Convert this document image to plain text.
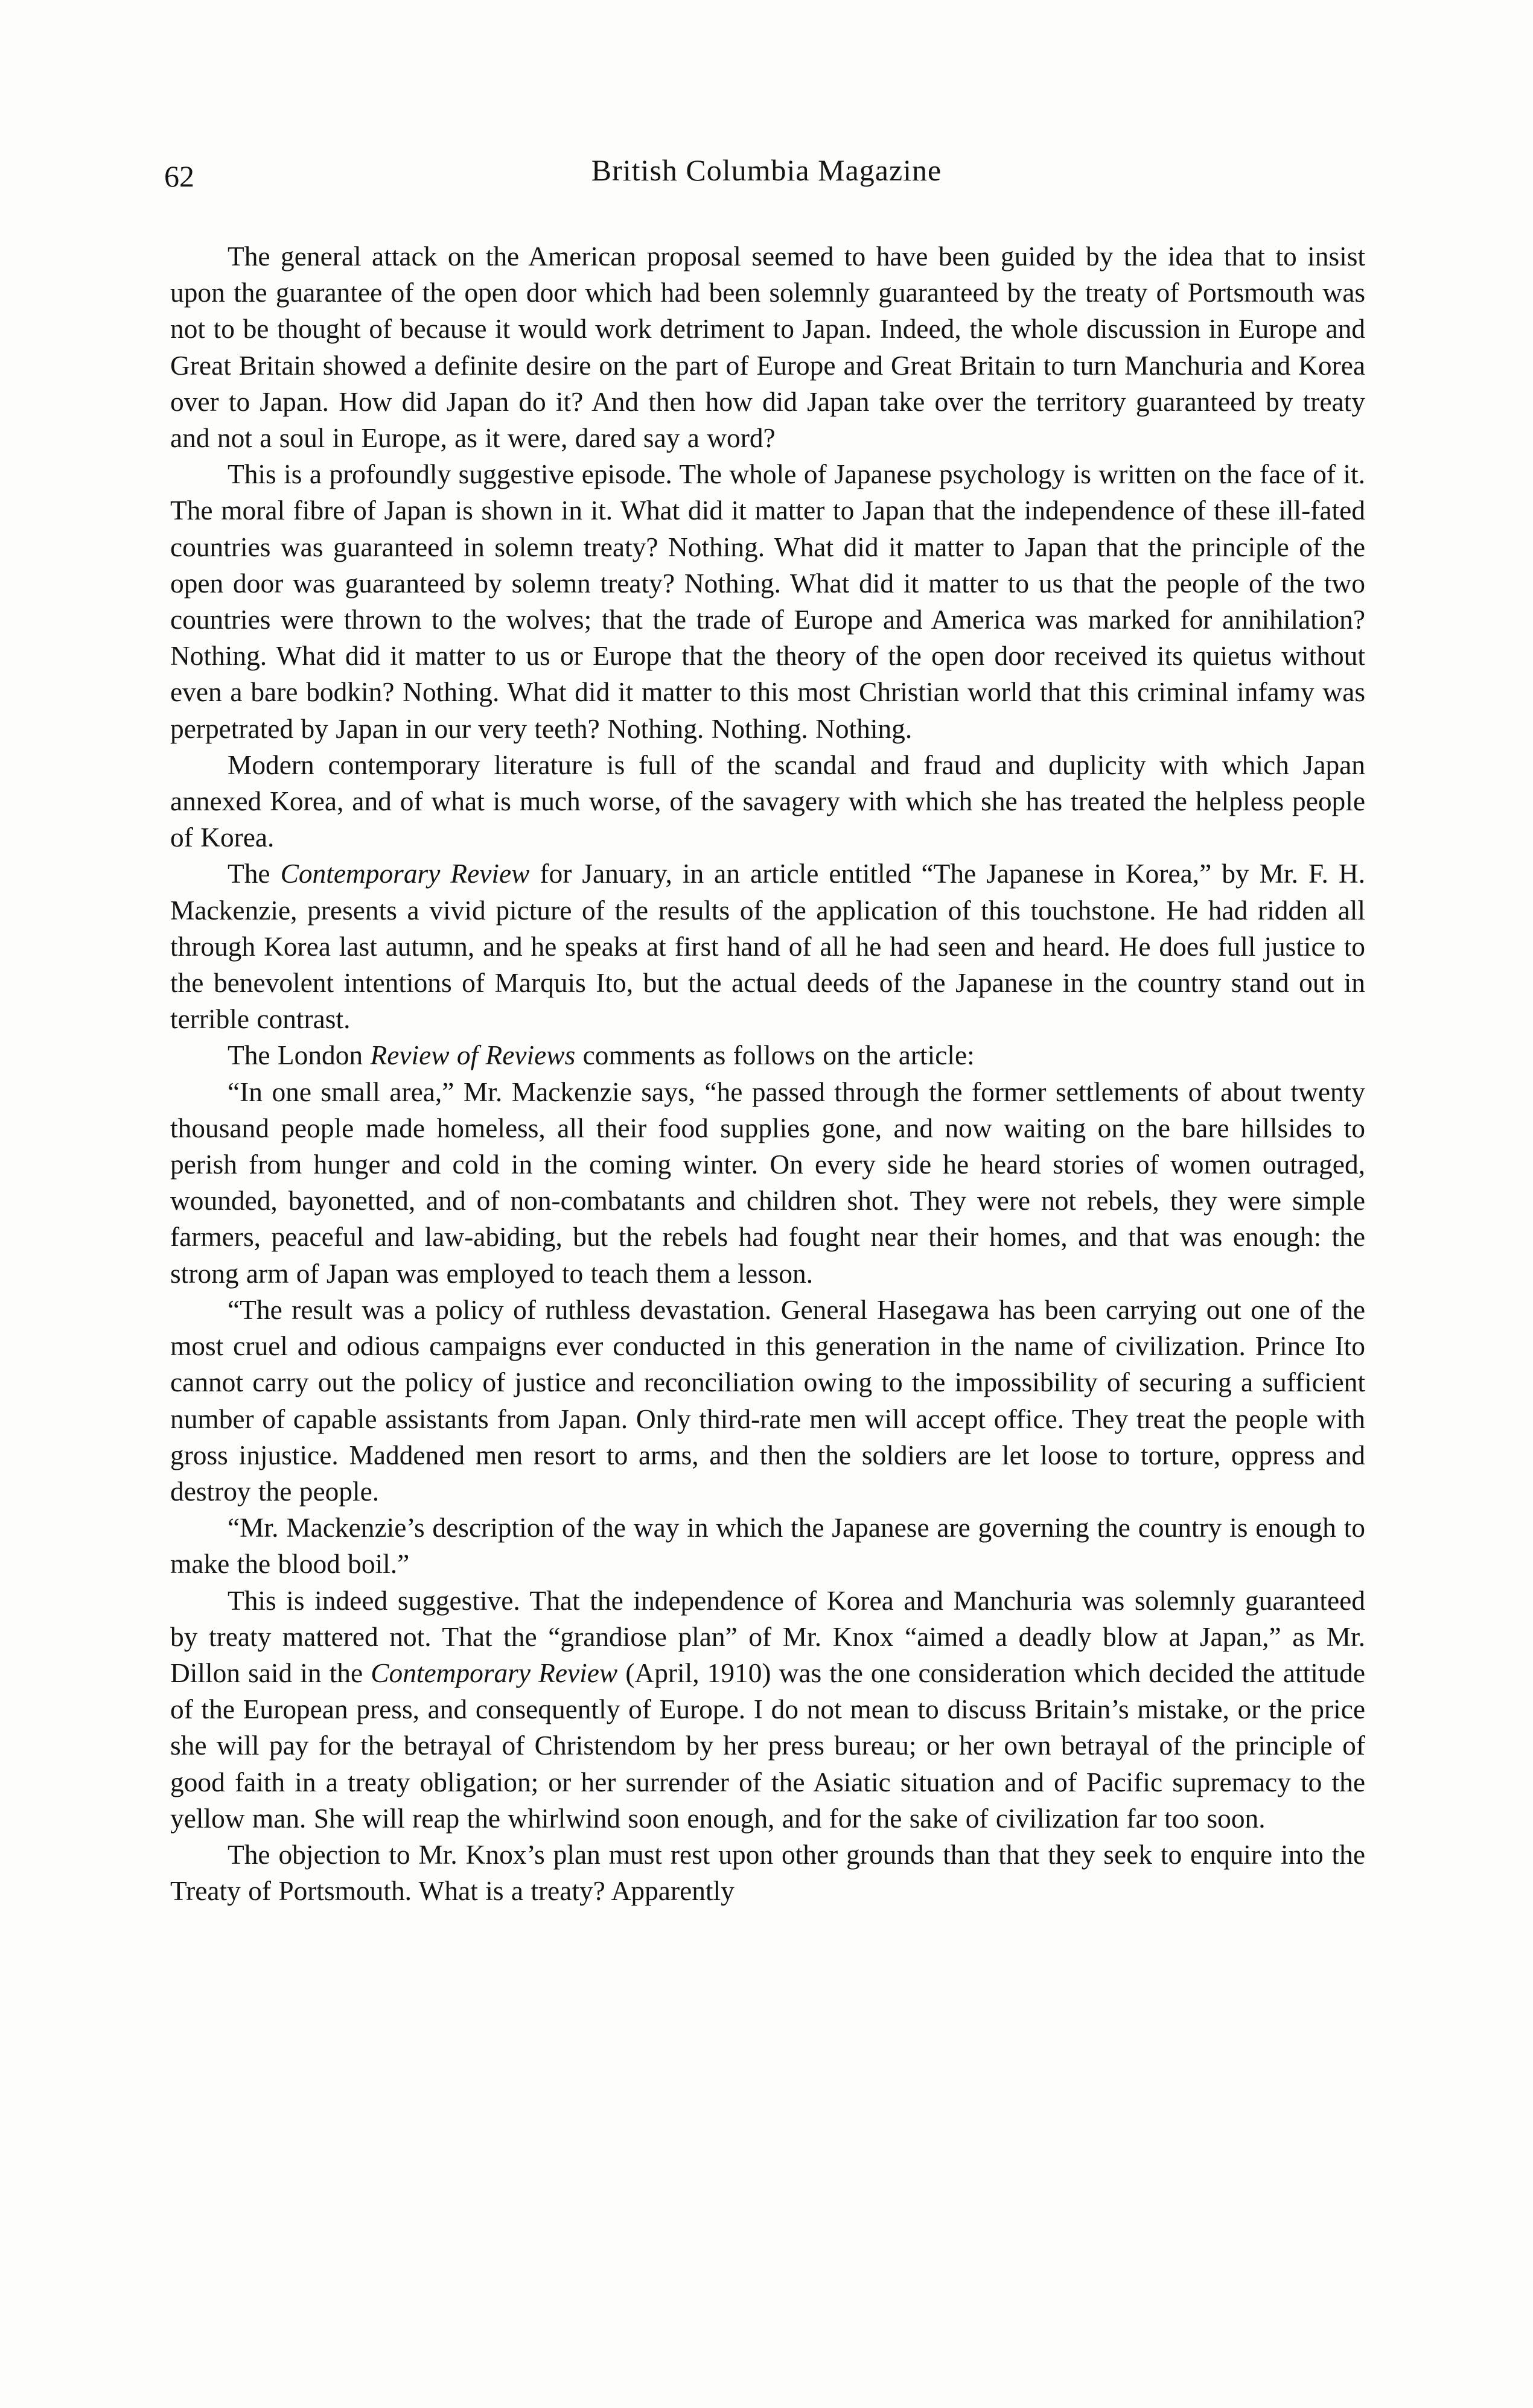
62	British Columbia Magazine

The general attack on the American proposal seemed to have been guided by the idea that to insist upon the guarantee of the open door which had been solemnly guaranteed by the treaty of Portsmouth was not to be thought of because it would work detriment to Japan. Indeed, the whole discussion in Europe and Great Britain showed a definite desire on the part of Europe and Great Britain to turn Manchuria and Korea over to Japan. How did Japan do it? And then how did Japan take over the territory guaranteed by treaty and not a soul in Europe, as it were, dared say a word?

This is a profoundly suggestive episode. The whole of Japanese psychology is written on the face of it. The moral fibre of Japan is shown in it. What did it matter to Japan that the independence of these ill-fated countries was guaranteed in solemn treaty? Nothing. What did it matter to Japan that the principle of the open door was guaranteed by solemn treaty? Nothing. What did it matter to us that the people of the two countries were thrown to the wolves; that the trade of Europe and America was marked for annihilation? Nothing. What did it matter to us or Europe that the theory of the open door received its quietus without even a bare bodkin? Nothing. What did it matter to this most Christian world that this criminal infamy was perpetrated by Japan in our very teeth? Nothing. Nothing. Nothing.

Modern contemporary literature is full of the scandal and fraud and duplicity with which Japan annexed Korea, and of what is much worse, of the savagery with which she has treated the helpless people of Korea.

The Contemporary Review for January, in an article entitled “The Japanese in Korea,” by Mr. F. H. Mackenzie, presents a vivid picture of the results of the application of this touchstone. He had ridden all through Korea last autumn, and he speaks at first hand of all he had seen and heard. He does full justice to the benevolent intentions of Marquis Ito, but the actual deeds of the Japanese in the country stand out in terrible contrast.

The London Review of Reviews comments as follows on the article:

“In one small area,” Mr. Mackenzie says, “he passed through the former settlements of about twenty thousand people made homeless, all their food supplies gone, and now waiting on the bare hillsides to perish from hunger and cold in the coming winter. On every side he heard stories of women outraged, wounded, bayonetted, and of non-combatants and children shot. They were not rebels, they were simple farmers, peaceful and law-abiding, but the rebels had fought near their homes, and that was enough: the strong arm of Japan was employed to teach them a lesson.

“The result was a policy of ruthless devastation. General Hasegawa has been carrying out one of the most cruel and odious campaigns ever conducted in this generation in the name of civilization. Prince Ito cannot carry out the policy of justice and reconciliation owing to the impossibility of securing a sufficient number of capable assistants from Japan. Only third-rate men will accept office. They treat the people with gross injustice. Maddened men resort to arms, and then the soldiers are let loose to torture, oppress and destroy the people.

“Mr. Mackenzie’s description of the way in which the Japanese are governing the country is enough to make the blood boil.”

This is indeed suggestive. That the independence of Korea and Manchuria was solemnly guaranteed by treaty mattered not. That the “grandiose plan” of Mr. Knox “aimed a deadly blow at Japan,” as Mr. Dillon said in the Contemporary Review (April, 1910) was the one consideration which decided the attitude of the European press, and consequently of Europe. I do not mean to discuss Britain’s mistake, or the price she will pay for the betrayal of Christendom by her press bureau; or her own betrayal of the principle of good faith in a treaty obligation; or her surrender of the Asiatic situation and of Pacific supremacy to the yellow man. She will reap the whirlwind soon enough, and for the sake of civilization far too soon.

The objection to Mr. Knox’s plan must rest upon other grounds than that they seek to enquire into the Treaty of Portsmouth. What is a treaty? Apparently
